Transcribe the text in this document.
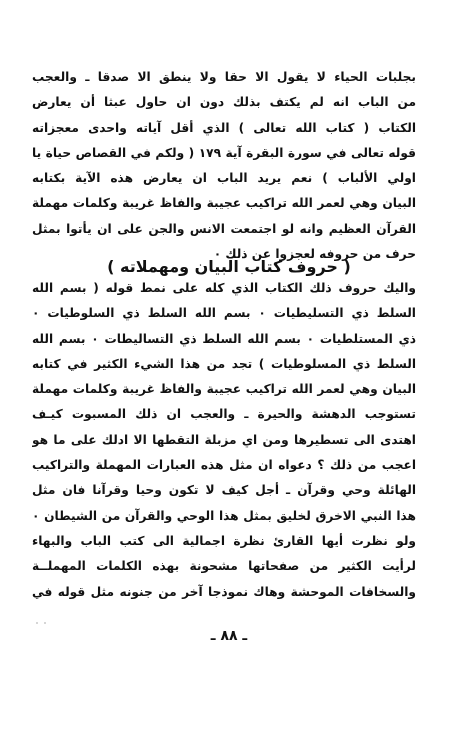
بجلبات الحياء لا يقول الا حقا ولا ينطق الا صدقا ـ والعجب
من الباب انه لم يكتف بذلك دون ان حاول عبثا أن يعارض
الكتاب ( كتاب الله تعالى ) الذي أقل آياته واحدى معجزاته
قوله تعالى في سورة البقرة آية ١٧٩ ( ولكم في القصاص حياة يا
اولي الألباب ) نعم يريد الباب ان يعارض هذه الآية بكتابه
البيان وهي لعمر الله تراكيب عجيبة والفاظ غريبة وكلمات مهملة
القرآن العظيم وانه لو اجتمعت الانس والجن على ان يأتوا بمثل
حرف من حروفه لعجزوا عن ذلك ٠
( حروف كتاب البيان ومهملاته )
واليك حروف ذلك الكتاب الذي كله على نمط قوله ( بسم الله
السلط ذي التسليطيات ٠ بسم الله السلط ذي السلوطيات ٠
ذي المستلطيات ٠ بسم الله السلط ذي التساليطات ٠ بسم الله
السلط ذي المسلوطيات ) تجد من هذا الشيء الكثير في كتابه
البيان وهي لعمر الله تراكيب عجيبة والفاظ غريبة وكلمات مهملة
تستوجب الدهشة والحيرة ـ والعجب ان ذلك المسبوت كيـف
اهتدى الى تسطيرها ومن اي مزبلة التقطها الا ادلك على ما هو
اعجب من ذلك ؟ دعواه ان مثل هذه العبارات المهملة والتراكيب
الهائلة وحي وقرآن ـ أجل كيف لا تكون وحيا وقرآنا فان مثل
هذا النبي الاخرق لخليق بمثل هذا الوحي والقرآن من الشيطان ٠
ولو نظرت أيها القارئ نظرة اجمالية الى كتب الباب والبهاء
لرأيت الكثير من صفحاتها مشحونة بهذه الكلمات المهملــة
والسخافات الموحشة وهاك نموذجا آخر من جنونه مثل قوله في
ـ ٨٨ ـ
